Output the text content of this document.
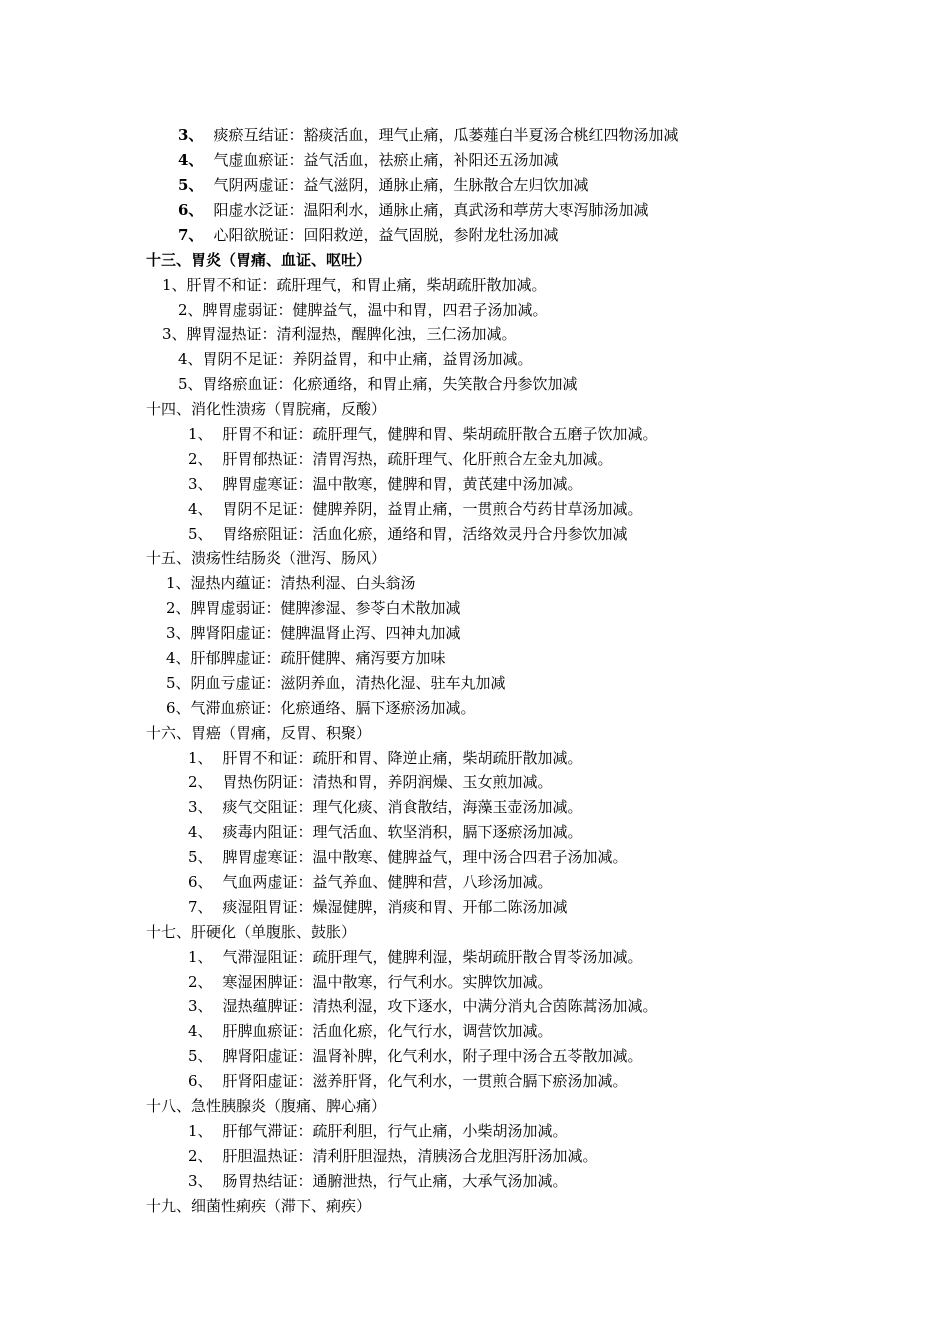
3、 痰瘀互结证：豁痰活血，理气止痛，瓜蒌薤白半夏汤合桃红四物汤加减
4、 气虚血瘀证：益气活血，祛瘀止痛，补阳还五汤加减
5、 气阴两虚证：益气滋阴，通脉止痛，生脉散合左归饮加减
6、 阳虚水泛证：温阳利水，通脉止痛，真武汤和葶苈大枣泻肺汤加减
7、 心阳欲脱证：回阳救逆，益气固脱，参附龙牡汤加减
十三、胃炎（胃痛、血证、呕吐）
1、肝胃不和证：疏肝理气，和胃止痛，柴胡疏肝散加减。
2、脾胃虚弱证：健脾益气，温中和胃，四君子汤加减。
3、脾胃湿热证：清利湿热，醒脾化浊，三仁汤加减。
4、胃阴不足证：养阴益胃，和中止痛，益胃汤加减。
5、胃络瘀血证：化瘀通络，和胃止痛，失笑散合丹参饮加减
十四、消化性溃疡（胃脘痛，反酸）
1、 肝胃不和证：疏肝理气，健脾和胃、柴胡疏肝散合五磨子饮加减。
2、 肝胃郁热证：清胃泻热，疏肝理气、化肝煎合左金丸加减。
3、 脾胃虚寒证：温中散寒，健脾和胃，黄芪建中汤加减。
4、 胃阴不足证：健脾养阴，益胃止痛，一贯煎合芍药甘草汤加减。
5、 胃络瘀阻证：活血化瘀，通络和胃，活络效灵丹合丹参饮加减
十五、溃疡性结肠炎（泄泻、肠风）
1、湿热内蕴证：清热利湿、白头翁汤
2、脾胃虚弱证：健脾渗湿、参苓白术散加减
3、脾肾阳虚证：健脾温肾止泻、四神丸加减
4、肝郁脾虚证：疏肝健脾、痛泻要方加味
5、阴血亏虚证：滋阴养血，清热化湿、驻车丸加减
6、气滞血瘀证：化瘀通络、膈下逐瘀汤加减。
十六、胃癌（胃痛，反胃、积聚）
1、 肝胃不和证：疏肝和胃、降逆止痛，柴胡疏肝散加减。
2、 胃热伤阴证：清热和胃，养阴润燥、玉女煎加减。
3、 痰气交阻证：理气化痰、消食散结，海藻玉壶汤加减。
4、 痰毒内阻证：理气活血、软坚消积，膈下逐瘀汤加减。
5、 脾胃虚寒证：温中散寒、健脾益气，理中汤合四君子汤加减。
6、 气血两虚证：益气养血、健脾和营，八珍汤加减。
7、 痰湿阻胃证：燥湿健脾，消痰和胃、开郁二陈汤加减
十七、肝硬化（单腹胀、鼓胀）
1、 气滞湿阻证：疏肝理气，健脾利湿，柴胡疏肝散合胃苓汤加减。
2、 寒湿困脾证：温中散寒，行气利水。实脾饮加减。
3、 湿热蕴脾证：清热利湿，攻下逐水，中满分消丸合茵陈蒿汤加减。
4、 肝脾血瘀证：活血化瘀，化气行水，调营饮加减。
5、 脾肾阳虚证：温肾补脾，化气利水，附子理中汤合五苓散加减。
6、 肝肾阳虚证：滋养肝肾，化气利水，一贯煎合膈下瘀汤加减。
十八、急性胰腺炎（腹痛、脾心痛）
1、 肝郁气滞证：疏肝利胆，行气止痛，小柴胡汤加减。
2、 肝胆温热证：清利肝胆湿热，清胰汤合龙胆泻肝汤加减。
3、 肠胃热结证：通腑泄热，行气止痛，大承气汤加减。
十九、细菌性痢疾（滞下、痢疾）
